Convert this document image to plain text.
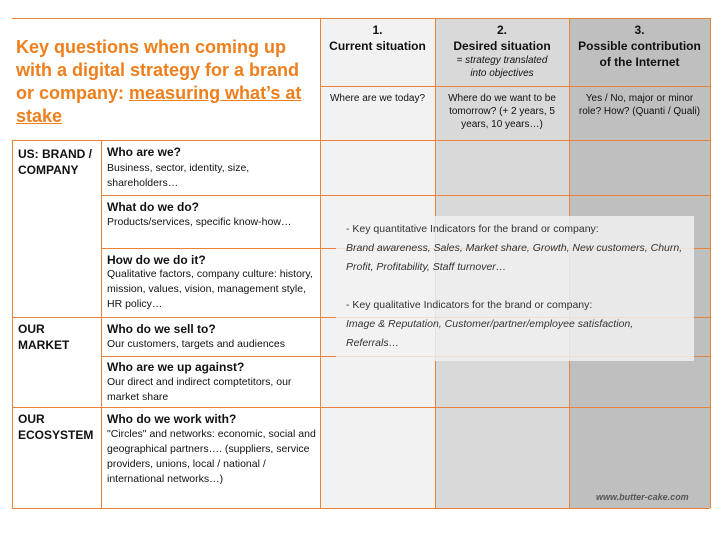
Key questions when coming up with a digital strategy for a brand or company: measuring what’s at stake
1.
Current situation
2.
Desired situation
= strategy translated into objectives
3.
Possible contribution of the Internet
Where are we today?	Where do we want to be tomorrow? (+ 2 years, 5 years, 10 years…)
Yes / No, major or minor role? How? (Quanti / Quali)
US: BRAND / COMPANY
OUR MARKET
OUR ECOSYSTEM
Who are we?
Business, sector, identity, size, shareholders…
What do we do?
Products/services, specific know-how…
How do we do it?
Qualitative factors, company culture: history, mission, values, vision, management style, HR policy…
Who do we sell to?
Our customers, targets and audiences
Who are we up against?
Our direct and indirect comptetitors, our market share
Who do we work with?
"Circles" and networks: economic, social and geographical partners…. (suppliers, service providers, unions, local / national / international networks…)
- Key quantitative Indicators for the brand or company:
Brand awareness, Sales, Market share, Growth, New customers, Churn, Profit, Profitability, Staff turnover…
- Key qualitative Indicators for the brand or company:
Image & Reputation, Customer/partner/employee satisfaction, Referrals…
www.butter-cake.com
